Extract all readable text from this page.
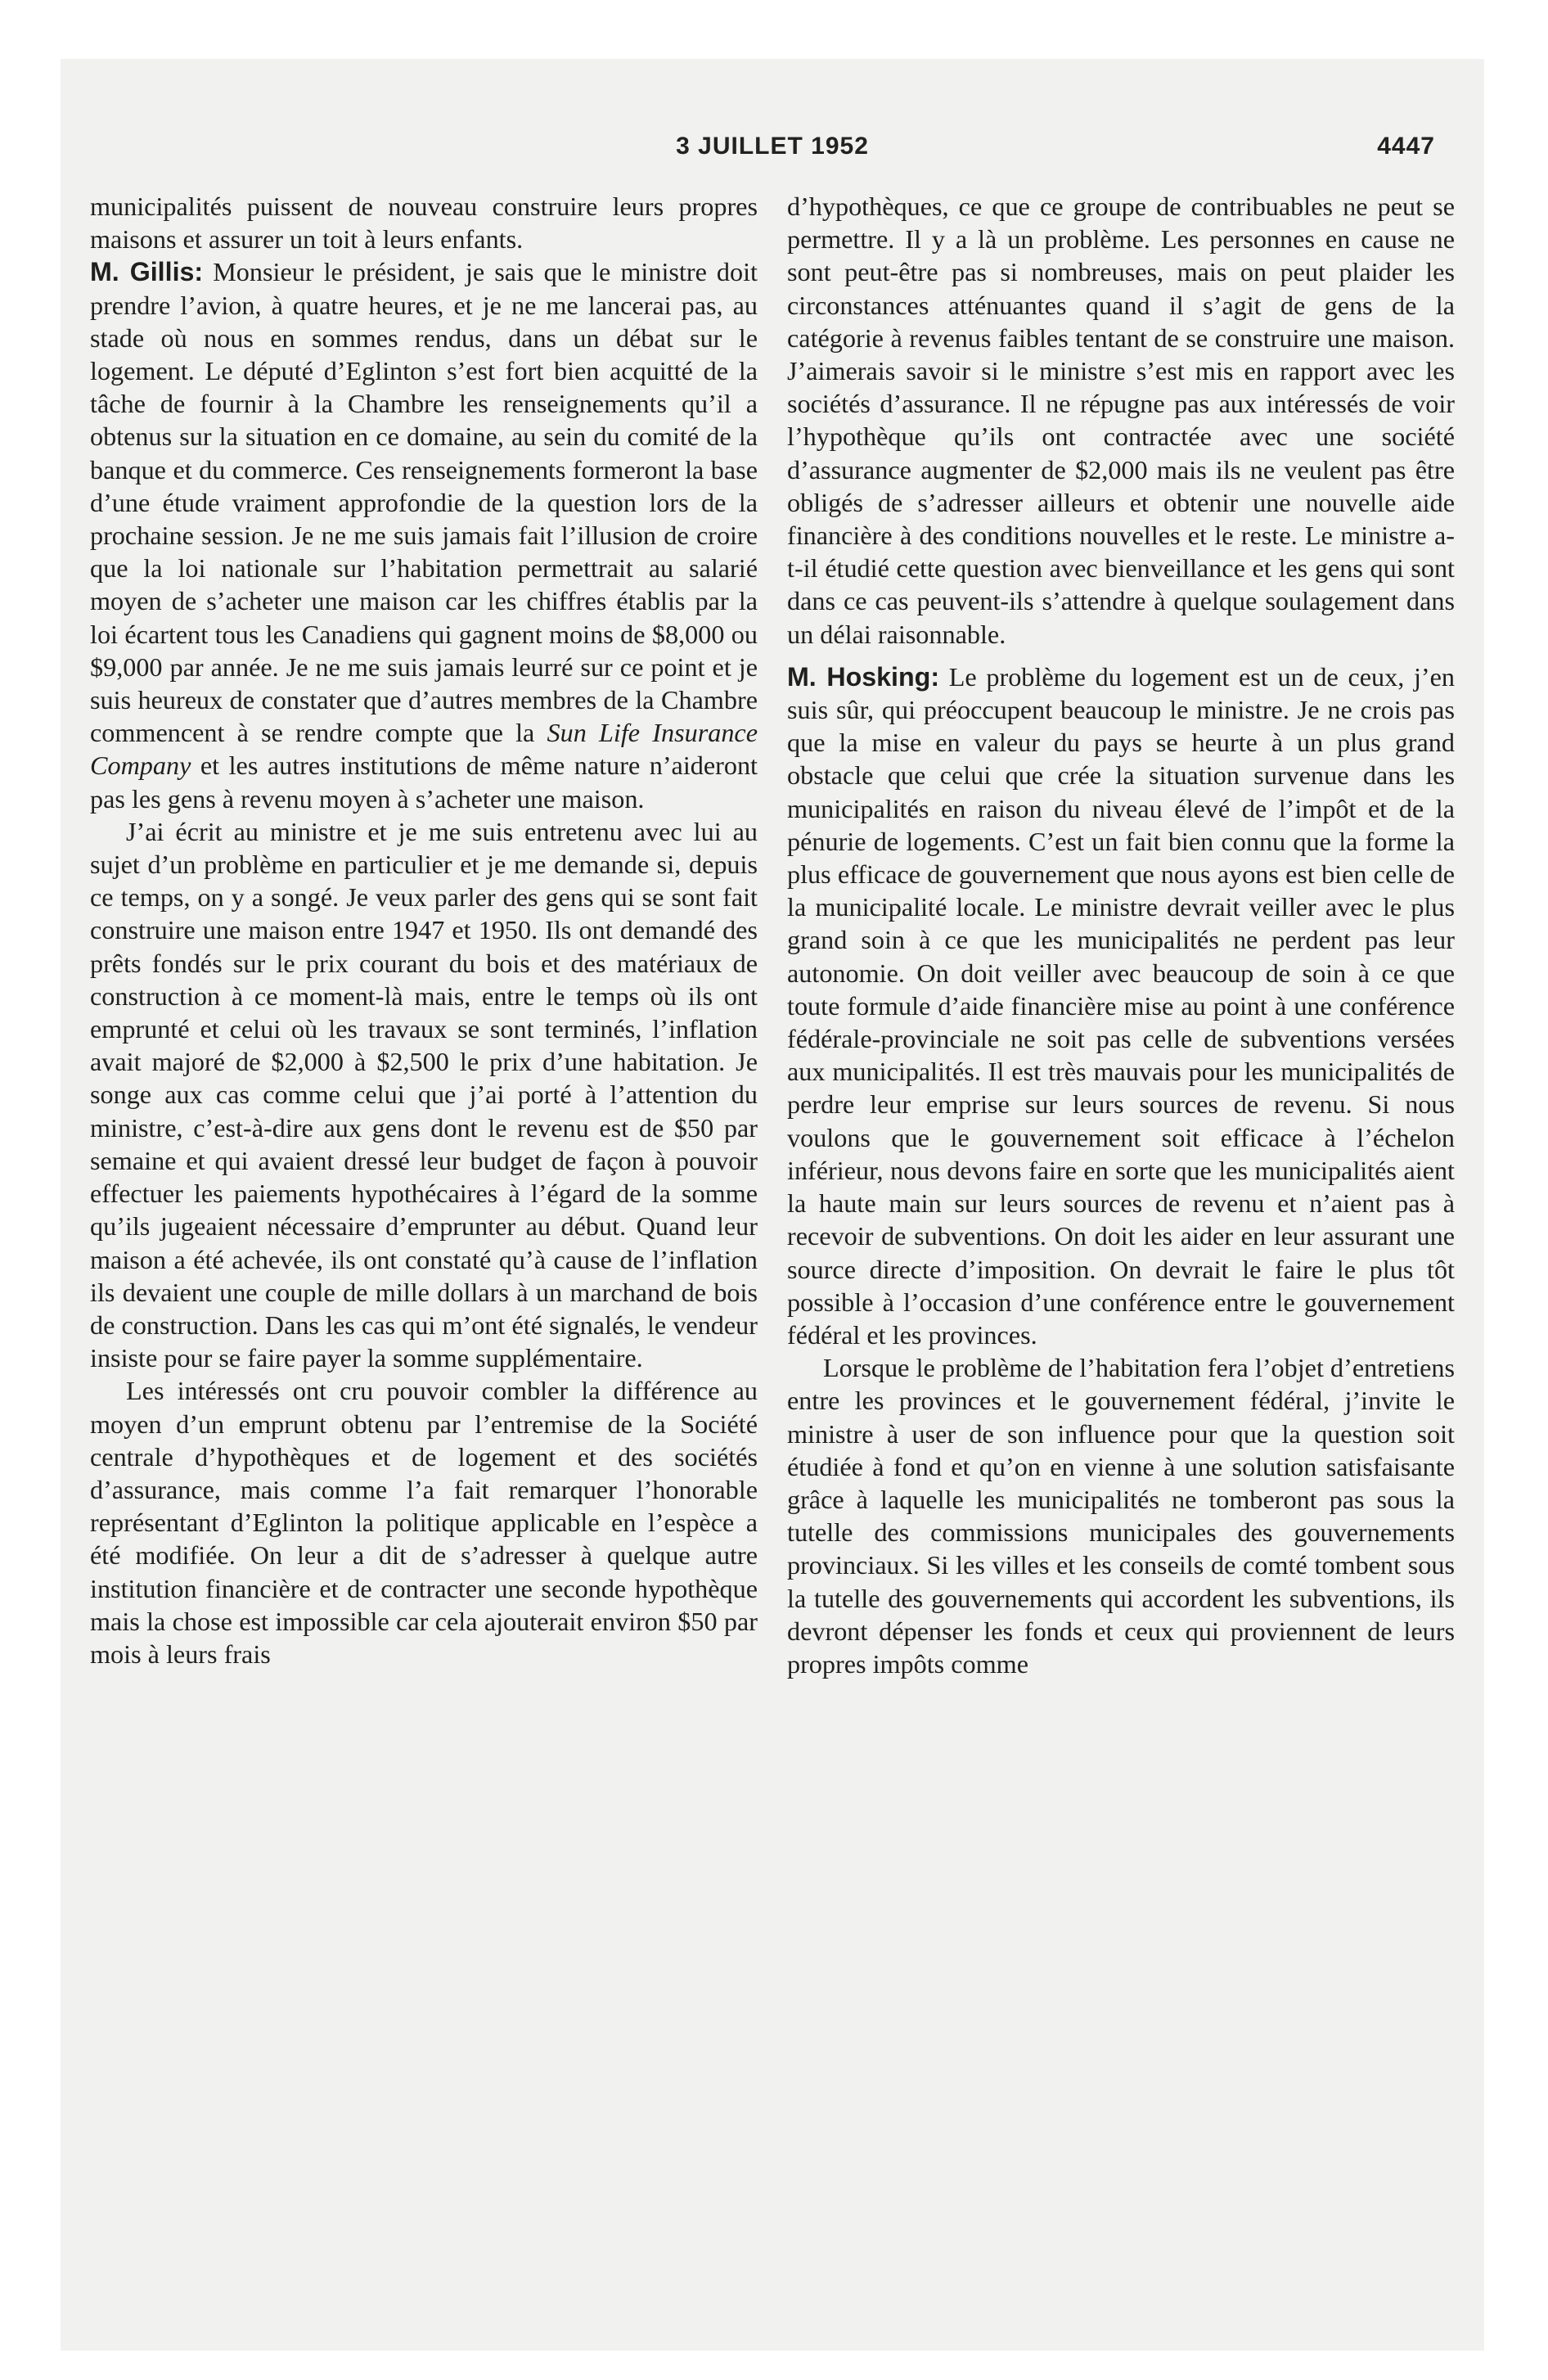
3 JUILLET 1952	4447

municipalités puissent de nouveau construire leurs propres maisons et assurer un toit à leurs enfants.

M. Gillis: Monsieur le président, je sais que le ministre doit prendre l’avion, à quatre heures, et je ne me lancerai pas, au stade où nous en sommes rendus, dans un débat sur le logement. Le député d’Eglinton s’est fort bien acquitté de la tâche de fournir à la Chambre les renseignements qu’il a obtenus sur la situation en ce domaine, au sein du comité de la banque et du commerce. Ces renseignements formeront la base d’une étude vraiment approfondie de la question lors de la prochaine session. Je ne me suis jamais fait l’illusion de croire que la loi nationale sur l’habitation permettrait au salarié moyen de s’acheter une maison car les chiffres établis par la loi écartent tous les Canadiens qui gagnent moins de $8,000 ou $9,000 par année. Je ne me suis jamais leurré sur ce point et je suis heureux de constater que d’autres membres de la Chambre commencent à se rendre compte que la Sun Life Insurance Company et les autres institutions de même nature n’aideront pas les gens à revenu moyen à s’acheter une maison.

J’ai écrit au ministre et je me suis entretenu avec lui au sujet d’un problème en particulier et je me demande si, depuis ce temps, on y a songé. Je veux parler des gens qui se sont fait construire une maison entre 1947 et 1950. Ils ont demandé des prêts fondés sur le prix courant du bois et des matériaux de construction à ce moment-là mais, entre le temps où ils ont emprunté et celui où les travaux se sont terminés, l’inflation avait majoré de $2,000 à $2,500 le prix d’une habitation. Je songe aux cas comme celui que j’ai porté à l’attention du ministre, c’est-à-dire aux gens dont le revenu est de $50 par semaine et qui avaient dressé leur budget de façon à pouvoir effectuer les paiements hypothécaires à l’égard de la somme qu’ils jugeaient nécessaire d’emprunter au début. Quand leur maison a été achevée, ils ont constaté qu’à cause de l’inflation ils devaient une couple de mille dollars à un marchand de bois de construction. Dans les cas qui m’ont été signalés, le vendeur insiste pour se faire payer la somme supplémentaire.

Les intéressés ont cru pouvoir combler la différence au moyen d’un emprunt obtenu par l’entremise de la Société centrale d’hypothèques et de logement et des sociétés d’assurance, mais comme l’a fait remarquer l’honorable représentant d’Eglinton la politique applicable en l’espèce a été modifiée. On leur a dit de s’adresser à quelque autre institution financière et de contracter une seconde hypothèque mais la chose est impossible car cela ajouterait environ $50 par mois à leurs frais

d’hypothèques, ce que ce groupe de contribuables ne peut se permettre. Il y a là un problème. Les personnes en cause ne sont peut-être pas si nombreuses, mais on peut plaider les circonstances atténuantes quand il s’agit de gens de la catégorie à revenus faibles tentant de se construire une maison. J’aimerais savoir si le ministre s’est mis en rapport avec les sociétés d’assurance. Il ne répugne pas aux intéressés de voir l’hypothèque qu’ils ont contractée avec une société d’assurance augmenter de $2,000 mais ils ne veulent pas être obligés de s’adresser ailleurs et obtenir une nouvelle aide financière à des conditions nouvelles et le reste. Le ministre a-t-il étudié cette question avec bienveillance et les gens qui sont dans ce cas peuvent-ils s’attendre à quelque soulagement dans un délai raisonnable.

M. Hosking: Le problème du logement est un de ceux, j’en suis sûr, qui préoccupent beaucoup le ministre. Je ne crois pas que la mise en valeur du pays se heurte à un plus grand obstacle que celui que crée la situation survenue dans les municipalités en raison du niveau élevé de l’impôt et de la pénurie de logements. C’est un fait bien connu que la forme la plus efficace de gouvernement que nous ayons est bien celle de la municipalité locale. Le ministre devrait veiller avec le plus grand soin à ce que les municipalités ne perdent pas leur autonomie. On doit veiller avec beaucoup de soin à ce que toute formule d’aide financière mise au point à une conférence fédérale-provinciale ne soit pas celle de subventions versées aux municipalités. Il est très mauvais pour les municipalités de perdre leur emprise sur leurs sources de revenu. Si nous voulons que le gouvernement soit efficace à l’échelon inférieur, nous devons faire en sorte que les municipalités aient la haute main sur leurs sources de revenu et n’aient pas à recevoir de subventions. On doit les aider en leur assurant une source directe d’imposition. On devrait le faire le plus tôt possible à l’occasion d’une conférence entre le gouvernement fédéral et les provinces.

Lorsque le problème de l’habitation fera l’objet d’entretiens entre les provinces et le gouvernement fédéral, j’invite le ministre à user de son influence pour que la question soit étudiée à fond et qu’on en vienne à une solution satisfaisante grâce à laquelle les municipalités ne tomberont pas sous la tutelle des commissions municipales des gouvernements provinciaux. Si les villes et les conseils de comté tombent sous la tutelle des gouvernements qui accordent les subventions, ils devront dépenser les fonds et ceux qui proviennent de leurs propres impôts comme
